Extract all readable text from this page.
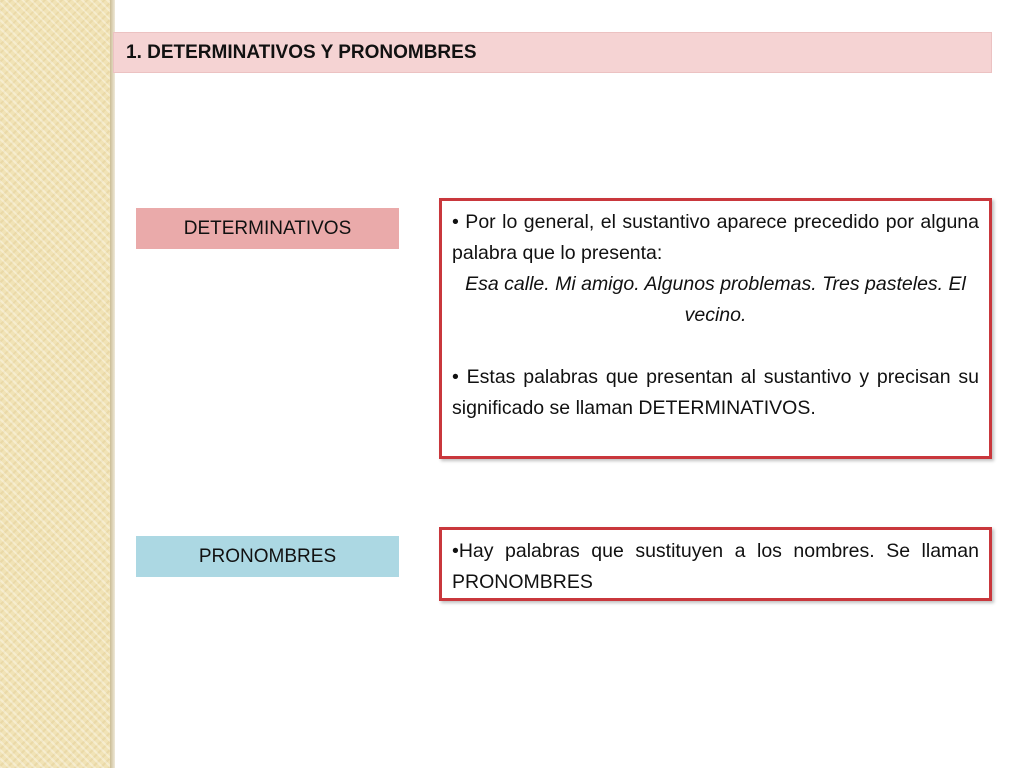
1. DETERMINATIVOS Y PRONOMBRES
DETERMINATIVOS	• Por lo general, el sustantivo aparece precedido por alguna palabra que lo presenta:

Esa calle. Mi amigo. Algunos problemas. Tres pasteles. El vecino.

• Estas palabras que presentan al sustantivo y precisan su significado se llaman DETERMINATIVOS.

PRONOMBRES	•Hay palabras que sustituyen a los nombres. Se llaman PRONOMBRES
